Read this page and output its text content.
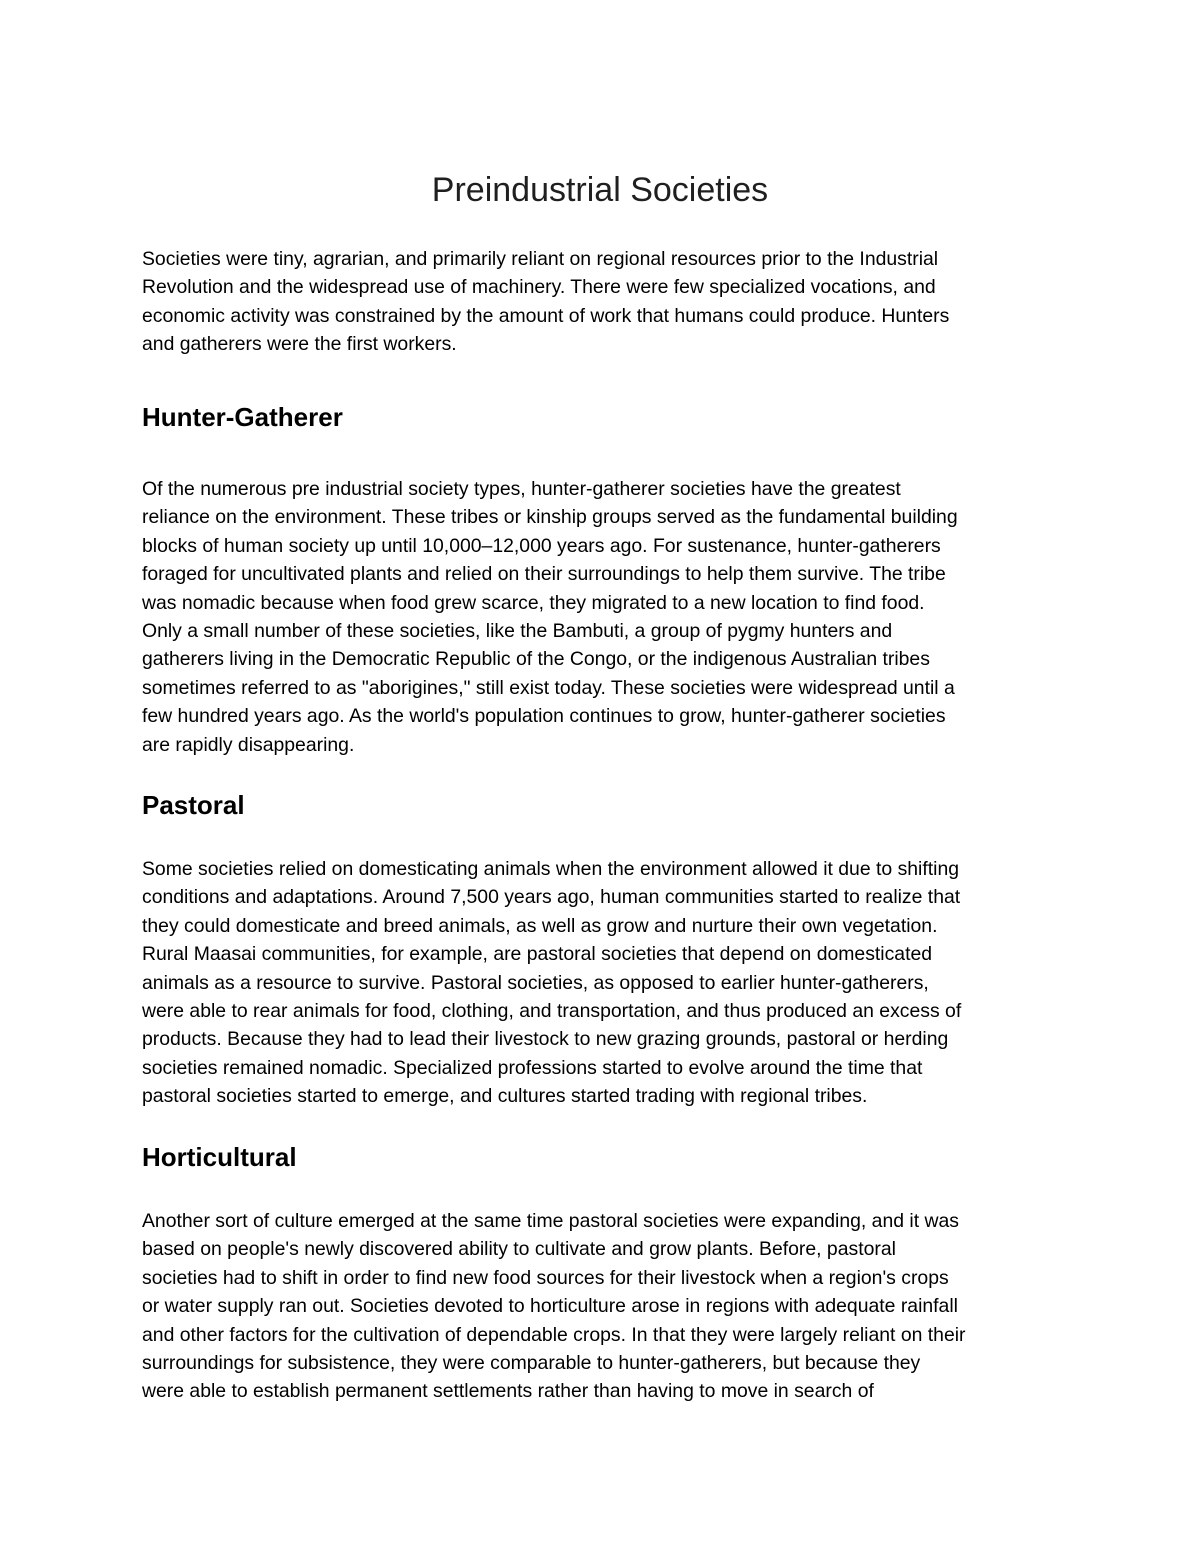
Preindustrial Societies

Societies were tiny, agrarian, and primarily reliant on regional resources prior to the Industrial
Revolution and the widespread use of machinery. There were few specialized vocations, and
economic activity was constrained by the amount of work that humans could produce. Hunters
and gatherers were the first workers.

Hunter-Gatherer

Of the numerous pre industrial society types, hunter-gatherer societies have the greatest
reliance on the environment. These tribes or kinship groups served as the fundamental building
blocks of human society up until 10,000–12,000 years ago. For sustenance, hunter-gatherers
foraged for uncultivated plants and relied on their surroundings to help them survive. The tribe
was nomadic because when food grew scarce, they migrated to a new location to find food.
Only a small number of these societies, like the Bambuti, a group of pygmy hunters and
gatherers living in the Democratic Republic of the Congo, or the indigenous Australian tribes
sometimes referred to as "aborigines," still exist today. These societies were widespread until a
few hundred years ago. As the world's population continues to grow, hunter-gatherer societies
are rapidly disappearing.

Pastoral

Some societies relied on domesticating animals when the environment allowed it due to shifting
conditions and adaptations. Around 7,500 years ago, human communities started to realize that
they could domesticate and breed animals, as well as grow and nurture their own vegetation.
Rural Maasai communities, for example, are pastoral societies that depend on domesticated
animals as a resource to survive. Pastoral societies, as opposed to earlier hunter-gatherers,
were able to rear animals for food, clothing, and transportation, and thus produced an excess of
products. Because they had to lead their livestock to new grazing grounds, pastoral or herding
societies remained nomadic. Specialized professions started to evolve around the time that
pastoral societies started to emerge, and cultures started trading with regional tribes.

Horticultural

Another sort of culture emerged at the same time pastoral societies were expanding, and it was
based on people's newly discovered ability to cultivate and grow plants. Before, pastoral
societies had to shift in order to find new food sources for their livestock when a region's crops
or water supply ran out. Societies devoted to horticulture arose in regions with adequate rainfall
and other factors for the cultivation of dependable crops. In that they were largely reliant on their
surroundings for subsistence, they were comparable to hunter-gatherers, but because they
were able to establish permanent settlements rather than having to move in search of
